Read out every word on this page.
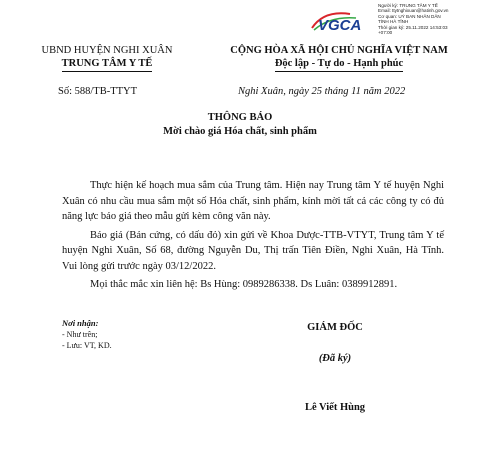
VGCA
Người ký: TRUNG TÂM Y TẾ
Email: ttytnghixuan@hatinh.gov.vn
Cơ quan: UỶ BAN NHÂN DÂN
TỈNH HÀ TĨNH
Thời gian ký: 25.11.2022 14:53:03
+07:00
UBND HUYỆN NGHI XUÂN
TRUNG TÂM Y TẾ
Số: 588/TB-TTYT
CỘNG HÒA XÃ HỘI CHỦ NGHĨA VIỆT NAM
Độc lập - Tự do - Hạnh phúc
Nghi Xuân, ngày 25 tháng 11 năm 2022
THÔNG BÁO
Mời chào giá Hóa chất, sinh phẩm

Thực hiện kế hoạch mua sắm của Trung tâm. Hiện nay Trung tâm Y tế huyện Nghi Xuân có nhu cầu mua sắm một số Hóa chất, sinh phẩm, kính mời tất cả các công ty có đủ năng lực báo giá theo mẫu gửi kèm công văn này.

Báo giá (Bản cứng, có dấu đỏ) xin gửi về Khoa Dược-TTB-VTYT, Trung tâm Y tế huyện Nghi Xuân, Số 68, đường Nguyễn Du, Thị trấn Tiên Điền, Nghi Xuân, Hà Tĩnh. Vui lòng gửi trước ngày 03/12/2022.

Mọi thắc mắc xin liên hệ: Bs Hùng: 0989286338. Ds Luân: 0389912891.

Nơi nhận:
- Như trên;
- Lưu: VT, KD.
GIÁM ĐỐC
(Đã ký)
Lê Viết Hùng
